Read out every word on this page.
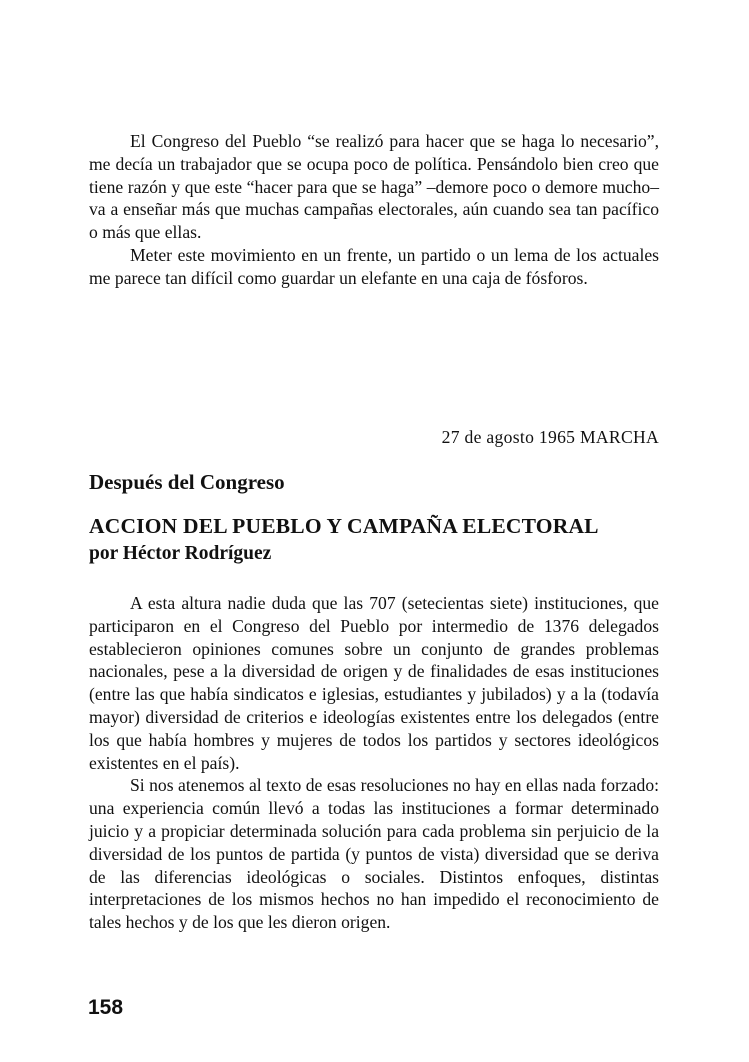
El Congreso del Pueblo “se realizó para hacer que se haga lo necesario”, me decía un trabajador que se ocupa poco de política. Pensándolo bien creo que tiene razón y que este “hacer para que se haga” –demore poco o demore mucho– va a enseñar más que muchas campañas electorales, aún cuando sea tan pacífico o más que ellas.

Meter este movimiento en un frente, un partido o un lema de los actuales me parece tan difícil como guardar un elefante en una caja de fósforos.

27 de agosto 1965 MARCHA
Después del Congreso
ACCION DEL PUEBLO Y CAMPAÑA ELECTORAL
por Héctor Rodríguez

A esta altura nadie duda que las 707 (setecientas siete) instituciones, que participaron en el Congreso del Pueblo por intermedio de 1376 delegados establecieron opiniones comunes sobre un conjunto de grandes problemas nacionales, pese a la diversidad de origen y de finalidades de esas instituciones (entre las que había sindicatos e iglesias, estudiantes y jubilados) y a la (todavía mayor) diversidad de criterios e ideologías existentes entre los delegados (entre los que había hombres y mujeres de todos los partidos y sectores ideológicos existentes en el país).

Si nos atenemos al texto de esas resoluciones no hay en ellas nada forzado: una experiencia común llevó a todas las instituciones a formar determinado juicio y a propiciar determinada solución para cada problema sin perjuicio de la diversidad de los puntos de partida (y puntos de vista) diversidad que se deriva de las diferencias ideológicas o sociales. Distintos enfoques, distintas interpretaciones de los mismos hechos no han impedido el reconocimiento de tales hechos y de los que les dieron origen.

158
